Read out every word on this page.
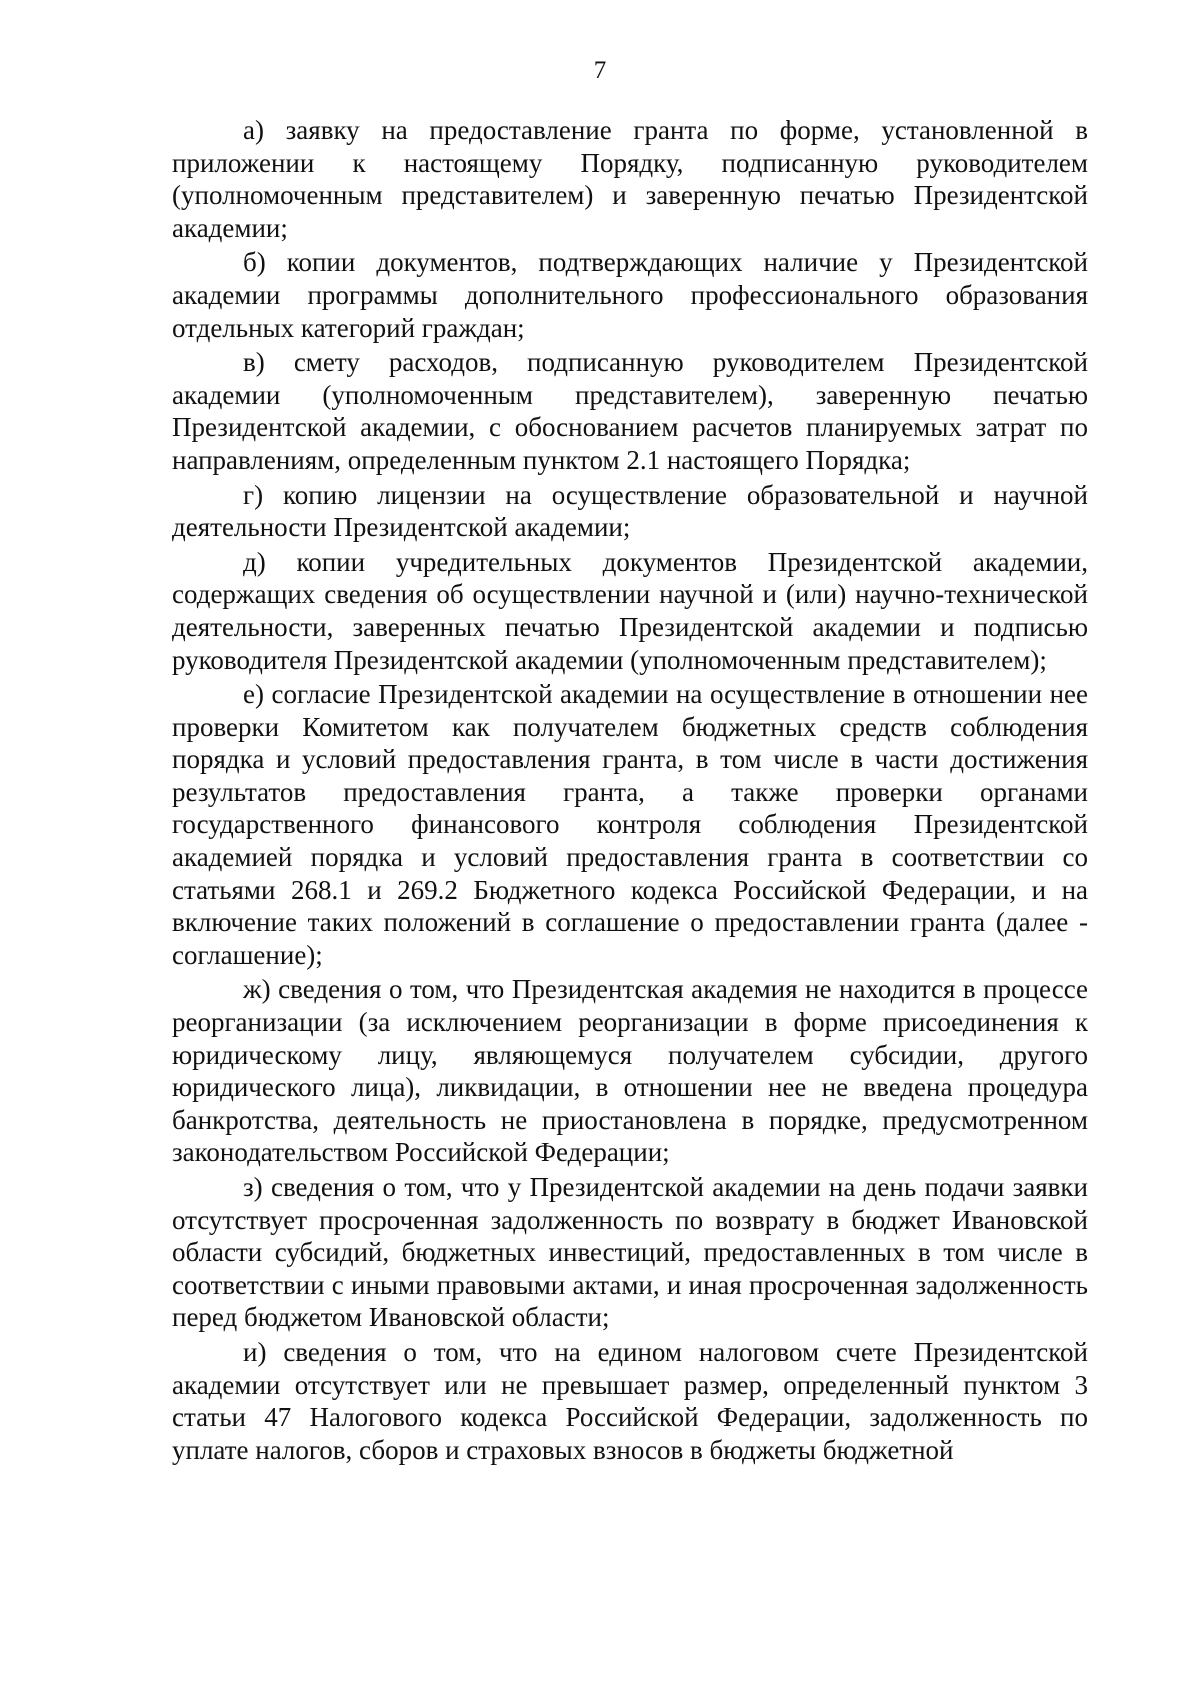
7

а) заявку на предоставление гранта по форме, установленной в приложении к настоящему Порядку, подписанную руководителем (уполномоченным представителем) и заверенную печатью Президентской академии;

б) копии документов, подтверждающих наличие у Президентской академии программы дополнительного профессионального образования отдельных категорий граждан;

в) смету расходов, подписанную руководителем Президентской академии (уполномоченным представителем), заверенную печатью Президентской академии, с обоснованием расчетов планируемых затрат по направлениям, определенным пунктом 2.1 настоящего Порядка;

г) копию лицензии на осуществление образовательной и научной деятельности Президентской академии;

д) копии учредительных документов Президентской академии, содержащих сведения об осуществлении научной и (или) научно-технической деятельности, заверенных печатью Президентской академии и подписью руководителя Президентской академии (уполномоченным представителем);

е) согласие Президентской академии на осуществление в отношении нее проверки Комитетом как получателем бюджетных средств соблюдения порядка и условий предоставления гранта, в том числе в части достижения результатов предоставления гранта, а также проверки органами государственного финансового контроля соблюдения Президентской академией порядка и условий предоставления гранта в соответствии со статьями 268.1 и 269.2 Бюджетного кодекса Российской Федерации, и на включение таких положений в соглашение о предоставлении гранта (далее - соглашение);

ж) сведения о том, что Президентская академия не находится в процессе реорганизации (за исключением реорганизации в форме присоединения к юридическому лицу, являющемуся получателем субсидии, другого юридического лица), ликвидации, в отношении нее не введена процедура банкротства, деятельность не приостановлена в порядке, предусмотренном законодательством Российской Федерации;

з) сведения о том, что у Президентской академии на день подачи заявки отсутствует просроченная задолженность по возврату в бюджет Ивановской области субсидий, бюджетных инвестиций, предоставленных в том числе в соответствии с иными правовыми актами, и иная просроченная задолженность перед бюджетом Ивановской области;

и) сведения о том, что на едином налоговом счете Президентской академии отсутствует или не превышает размер, определенный пунктом 3 статьи 47 Налогового кодекса Российской Федерации, задолженность по уплате налогов, сборов и страховых взносов в бюджеты бюджетной
